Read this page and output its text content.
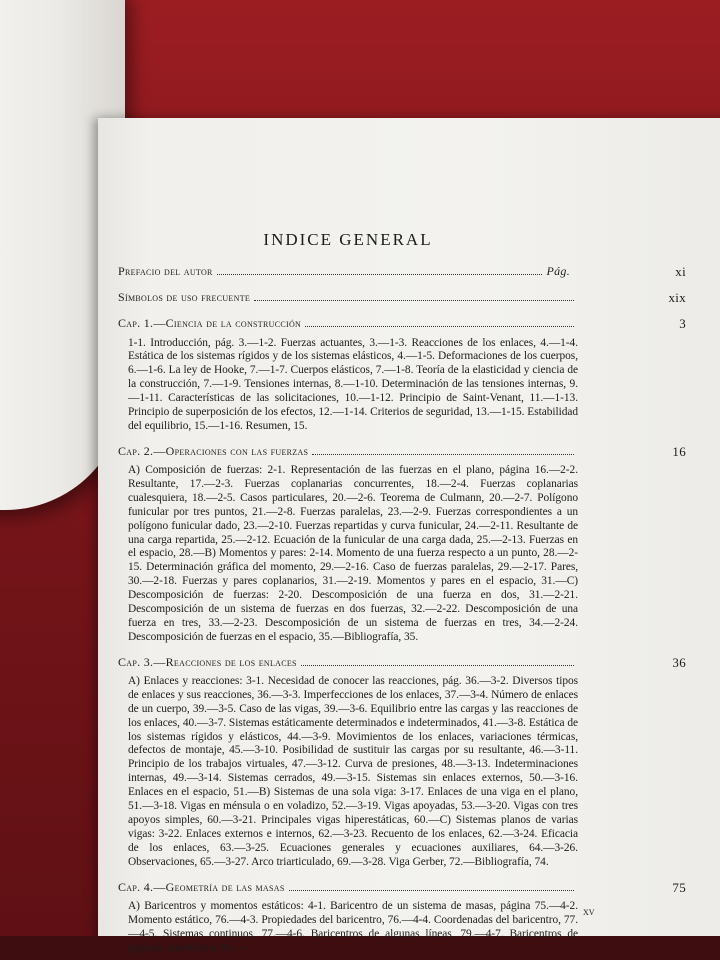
INDICE GENERAL
Prefacio del autor	Pág.	xi
Símbolos de uso frecuente	xix
Cap. 1.—Ciencia de la construcción	3
1-1. Introducción, pág. 3.—1-2. Fuerzas actuantes, 3.—1-3. Reacciones de los enlaces, 4.—1-4. Estática de los sistemas rígidos y de los sistemas elásticos, 4.—1-5. Deformaciones de los cuerpos, 6.—1-6. La ley de Hooke, 7.—1-7. Cuerpos elásticos, 7.—1-8. Teoría de la elasticidad y ciencia de la construcción, 7.—1-9. Tensiones internas, 8.—1-10. Determinación de las tensiones internas, 9.—1-11. Características de las solicitaciones, 10.—1-12. Principio de Saint-Venant, 11.—1-13. Principio de superposición de los efectos, 12.—1-14. Criterios de seguridad, 13.—1-15. Estabilidad del equilibrio, 15.—1-16. Resumen, 15.
Cap. 2.—Operaciones con las fuerzas	16
A) Composición de fuerzas: 2-1. Representación de las fuerzas en el plano, página 16.—2-2. Resultante, 17.—2-3. Fuerzas coplanarias concurrentes, 18.—2-4. Fuerzas coplanarias cualesquiera, 18.—2-5. Casos particulares, 20.—2-6. Teorema de Culmann, 20.—2-7. Polígono funicular por tres puntos, 21.—2-8. Fuerzas paralelas, 23.—2-9. Fuerzas correspondientes a un polígono funicular dado, 23.—2-10. Fuerzas repartidas y curva funicular, 24.—2-11. Resultante de una carga repartida, 25.—2-12. Ecuación de la funicular de una carga dada, 25.—2-13. Fuerzas en el espacio, 28.—B) Momentos y pares: 2-14. Momento de una fuerza respecto a un punto, 28.—2-15. Determinación gráfica del momento, 29.—2-16. Caso de fuerzas paralelas, 29.—2-17. Pares, 30.—2-18. Fuerzas y pares coplanarios, 31.—2-19. Momentos y pares en el espacio, 31.—C) Descomposición de fuerzas: 2-20. Descomposición de una fuerza en dos, 31.—2-21. Descomposición de un sistema de fuerzas en dos fuerzas, 32.—2-22. Descomposición de una fuerza en tres, 33.—2-23. Descomposición de un sistema de fuerzas en tres, 34.—2-24. Descomposición de fuerzas en el espacio, 35.—Bibliografía, 35.
Cap. 3.—Reacciones de los enlaces	36
A) Enlaces y reacciones: 3-1. Necesidad de conocer las reacciones, pág. 36.—3-2. Diversos tipos de enlaces y sus reacciones, 36.—3-3. Imperfecciones de los enlaces, 37.—3-4. Número de enlaces de un cuerpo, 39.—3-5. Caso de las vigas, 39.—3-6. Equilibrio entre las cargas y las reacciones de los enlaces, 40.—3-7. Sistemas estáticamente determinados e indeterminados, 41.—3-8. Estática de los sistemas rígidos y elásticos, 44.—3-9. Movimientos de los enlaces, variaciones térmicas, defectos de montaje, 45.—3-10. Posibilidad de sustituir las cargas por su resultante, 46.—3-11. Principio de los trabajos virtuales, 47.—3-12. Curva de presiones, 48.—3-13. Indeterminaciones internas, 49.—3-14. Sistemas cerrados, 49.—3-15. Sistemas sin enlaces externos, 50.—3-16. Enlaces en el espacio, 51.—B) Sistemas de una sola viga: 3-17. Enlaces de una viga en el plano, 51.—3-18. Vigas en ménsula o en voladizo, 52.—3-19. Vigas apoyadas, 53.—3-20. Vigas con tres apoyos simples, 60.—3-21. Principales vigas hiperestáticas, 60.—C) Sistemas planos de varias vigas: 3-22. Enlaces externos e internos, 62.—3-23. Recuento de los enlaces, 62.—3-24. Eficacia de los enlaces, 63.—3-25. Ecuaciones generales y ecuaciones auxiliares, 64.—3-26. Observaciones, 65.—3-27. Arco triarticulado, 69.—3-28. Viga Gerber, 72.—Bibliografía, 74.
Cap. 4.—Geometría de las masas	75
A) Baricentros y momentos estáticos: 4-1. Baricentro de un sistema de masas, página 75.—4-2. Momento estático, 76.—4-3. Propiedades del baricentro, 76.—4-4. Coordenadas del baricentro, 77.—4-5. Sistemas continuos, 77.—4-6. Baricentros de algunas líneas, 79.—4-7. Baricentros de algunas superficies, 80.—
xv
